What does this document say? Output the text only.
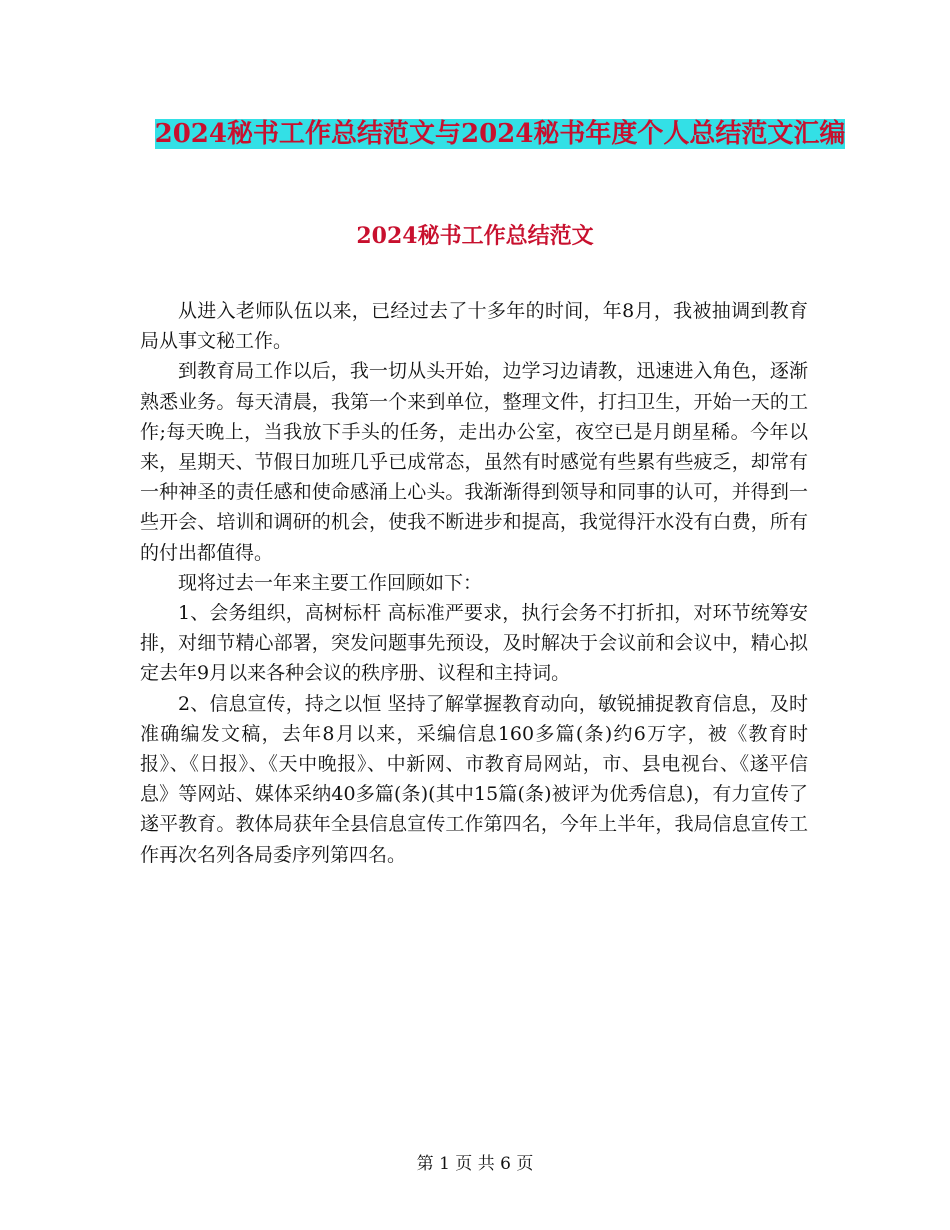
2024秘书工作总结范文与2024秘书年度个人总结范文汇编
2024秘书工作总结范文

从进入老师队伍以来，已经过去了十多年的时间，年8月，我被抽调到教育局从事文秘工作。

到教育局工作以后，我一切从头开始，边学习边请教，迅速进入角色，逐渐熟悉业务。每天清晨，我第一个来到单位，整理文件，打扫卫生，开始一天的工作;每天晚上，当我放下手头的任务，走出办公室，夜空已是月朗星稀。今年以来，星期天、节假日加班几乎已成常态，虽然有时感觉有些累有些疲乏，却常有一种神圣的责任感和使命感涌上心头。我渐渐得到领导和同事的认可，并得到一些开会、培训和调研的机会，使我不断进步和提高，我觉得汗水没有白费，所有的付出都值得。

现将过去一年来主要工作回顾如下：

1、会务组织，高树标杆 高标准严要求，执行会务不打折扣，对环节统筹安排，对细节精心部署，突发问题事先预设，及时解决于会议前和会议中，精心拟定去年9月以来各种会议的秩序册、议程和主持词。

2、信息宣传，持之以恒 坚持了解掌握教育动向，敏锐捕捉教育信息，及时准确编发文稿，去年8月以来，采编信息160多篇(条)约6万字，被《教育时报》、《日报》、《天中晚报》、中新网、市教育局网站，市、县电视台、《遂平信息》等网站、媒体采纳40多篇(条)(其中15篇(条)被评为优秀信息)，有力宣传了遂平教育。教体局获年全县信息宣传工作第四名，今年上半年，我局信息宣传工作再次名列各局委序列第四名。

第 1 页 共 6 页
